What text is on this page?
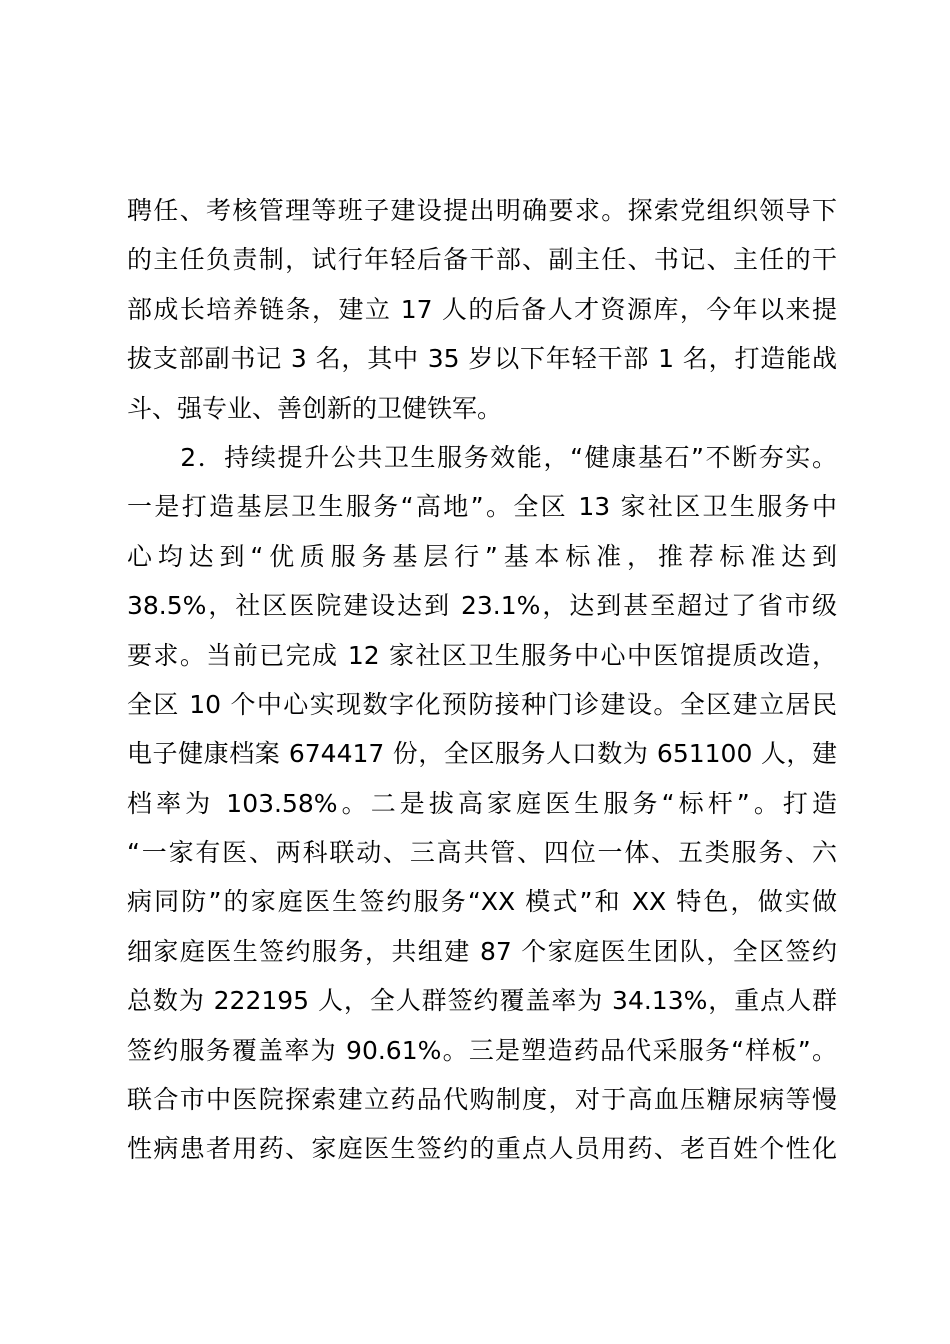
聘任、考核管理等班子建设提出明确要求。探索党组织领导下
的主任负责制，试行年轻后备干部、副主任、书记、主任的干
部成长培养链条，建立 17 人的后备人才资源库，今年以来提
拔支部副书记 3 名，其中 35 岁以下年轻干部 1 名，打造能战
斗、强专业、善创新的卫健铁军。
　　2．持续提升公共卫生服务效能，“健康基石”不断夯实。
一是打造基层卫生服务“高地”。全区 13 家社区卫生服务中
心均达到“优质服务基层行”基本标准，推荐标准达到
38.5%，社区医院建设达到 23.1%，达到甚至超过了省市级
要求。当前已完成 12 家社区卫生服务中心中医馆提质改造，
全区 10 个中心实现数字化预防接种门诊建设。全区建立居民
电子健康档案 674417 份，全区服务人口数为 651100 人，建
档率为 103.58%。二是拔高家庭医生服务“标杆”。打造
“一家有医、两科联动、三高共管、四位一体、五类服务、六
病同防”的家庭医生签约服务“XX 模式”和 XX 特色，做实做
细家庭医生签约服务，共组建 87 个家庭医生团队，全区签约
总数为 222195 人，全人群签约覆盖率为 34.13%，重点人群
签约服务覆盖率为 90.61%。三是塑造药品代采服务“样板”。
联合市中医院探索建立药品代购制度，对于高血压糖尿病等慢
性病患者用药、家庭医生签约的重点人员用药、老百姓个性化
